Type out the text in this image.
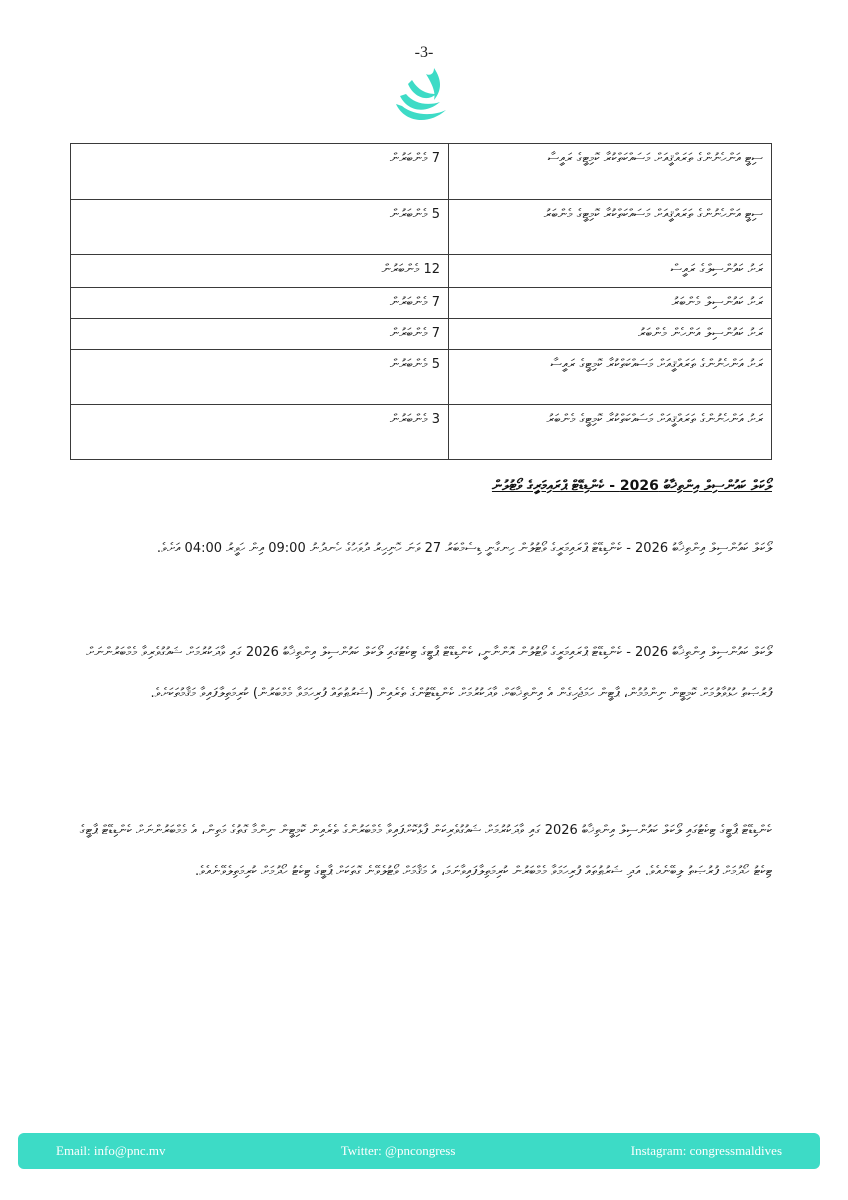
-3-
ސިޓީ އަންހެނުންގެ ތަރައްޤީއަށް މަސައްކަތްކުރާ ކޮމިޓީގެ ރައީސާ	7 މެންބަރުން
ސިޓީ އަންހެނުންގެ ތަރައްޤީއަށް މަސައްކަތްކުރާ ކޮމިޓީގެ މެންބަރު	5 މެންބަރުން
ރަށު ކައުންސިލްގެ ރައީސް	12 މެންބަރުން
ރަށު ކައުންސިލް މެންބަރު	7 މެންބަރުން
ރަށު ކައުންސިލް އަންހެން މެންބަރު	7 މެންބަރުން
ރަށު އަންހެނުންގެ ތަރައްޤީއަށް މަސައްކަތްކުރާ ކޮމިޓީގެ ރައީސާ	5 މެންބަރުން
ރަށު އަންހެނުންގެ ތަރައްޤީއަށް މަސައްކަތްކުރާ ކޮމިޓީގެ މެންބަރު	3 މެންބަރުން
ލޯކަލް ކައުންސިލް އިންތިޚާބު 2026 - ކެންޑިޑޭޓް ޕްރައިމަރީގެ ވޯޓުލުން
ލޯކަލް ކައުންސިލް އިންތިޚާބު 2026 - ކެންޑިޑޭޓް ޕްރައިމަރީގެ ވޯޓުލުން ހިނގާނީ ޑިސެމްބަރު 27 ވަނަ ހޮނިހިރު ދުވަހުގެ ހެނދުނު 09:00 އިން ހަވީރު 04:00 އަށެވެ.
ލޯކަލް ކައުންސިލް އިންތިޚާބު 2026 - ކެންޑިޑޭޓް ޕްރައިމަރީގެ ވޯޓުލުން އޮންނާނީ، ކެންޑިޑޭޓް ޕާޓީގެ ޓިކެޓުގައި ލޯކަލް ކައުންސިލް އިންތިޚާބު 2026 ގައި ވާދަކުރުމަށް ޝައުގުވެރިވާ މެމްބަރުންނަށް ފުރުޞަތު ހުޅުވާލުމަށް ކޮމިޓީން ނިންމުމުން، ޕާޓީން ހަމަޖެހިގެން އެ އިންތިޚާބަށް ވާދަކުރުމަށް ކެންޑިޑޭޓުންގެ ތެރެއިން (ޝަރުޠުތައް ފުރިހަމަވާ މެމްބަރުން) ކުރިމަތިލާފައިވާ މަޤާމުތަކަށެވެ.
ކެންޑިޑޭޓް ޕާޓީގެ ޓިކެޓުގައި ލޯކަލް ކައުންސިލް އިންތިޚާބު 2026 ގައި ވާދަކުރުމަށް ޝައުގުވެރިކަން ފާޅުކޮށްފައިވާ މެމްބަރުންގެ ތެރެއިން ކޮމިޓީން ނިންމާ ގޮތުގެ މަތިން، އެ މެމްބަރުންނަށް ކެންޑިޑޭޓް ޕާޓީގެ ޓިކެޓު ހޯދުމަށް ފުރުޞަތު ލިބޭނެއެވެ. އަދި ޝަރުޠުތައް ފުރިހަމަވާ މެމްބަރުން ކުރިމަތިލާފައިވާނަމަ، އެ މަޤާމަށް ވޯޓުލެވޭނެ ގޮތަކަށް ޕާޓީގެ ޓިކެޓު ހޯދުމަށް ކުރިމަތިލެވޭނެއެވެ.
Email: info@pnc.mv	Twitter: @pncongress	Instagram: congressmaldives
